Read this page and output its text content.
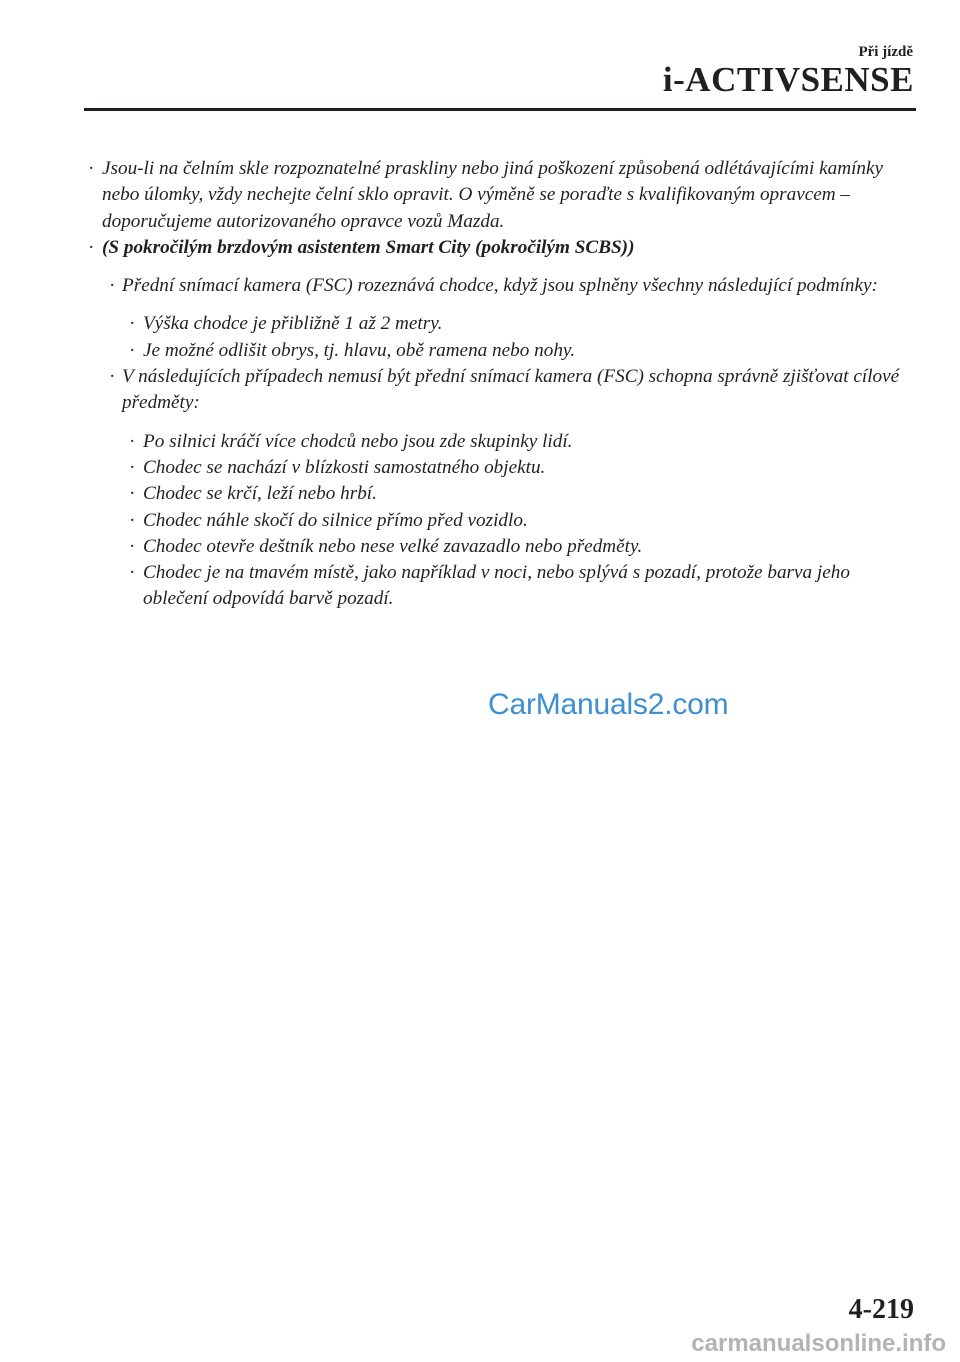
Při jízdě
i-ACTIVSENSE

· Jsou-li na čelním skle rozpoznatelné praskliny nebo jiná poškození způsobená odlétávajícími kamínky nebo úlomky, vždy nechejte čelní sklo opravit. O výměně se poraďte s kvalifikovaným opravcem – doporučujeme autorizovaného opravce vozů Mazda.

· (S pokročilým brzdovým asistentem Smart City (pokročilým SCBS))

· Přední snímací kamera (FSC) rozeznává chodce, když jsou splněny všechny následující podmínky:

· Výška chodce je přibližně 1 až 2 metry.

· Je možné odlišit obrys, tj. hlavu, obě ramena nebo nohy.

· V následujících případech nemusí být přední snímací kamera (FSC) schopna správně zjišťovat cílové předměty:

· Po silnici kráčí více chodců nebo jsou zde skupinky lidí.

· Chodec se nachází v blízkosti samostatného objektu.

· Chodec se krčí, leží nebo hrbí.

· Chodec náhle skočí do silnice přímo před vozidlo.

· Chodec otevře deštník nebo nese velké zavazadlo nebo předměty.

· Chodec je na tmavém místě, jako například v noci, nebo splývá s pozadí, protože barva jeho oblečení odpovídá barvě pozadí.

CarManuals2.com
4-219
carmanualsonline.info
